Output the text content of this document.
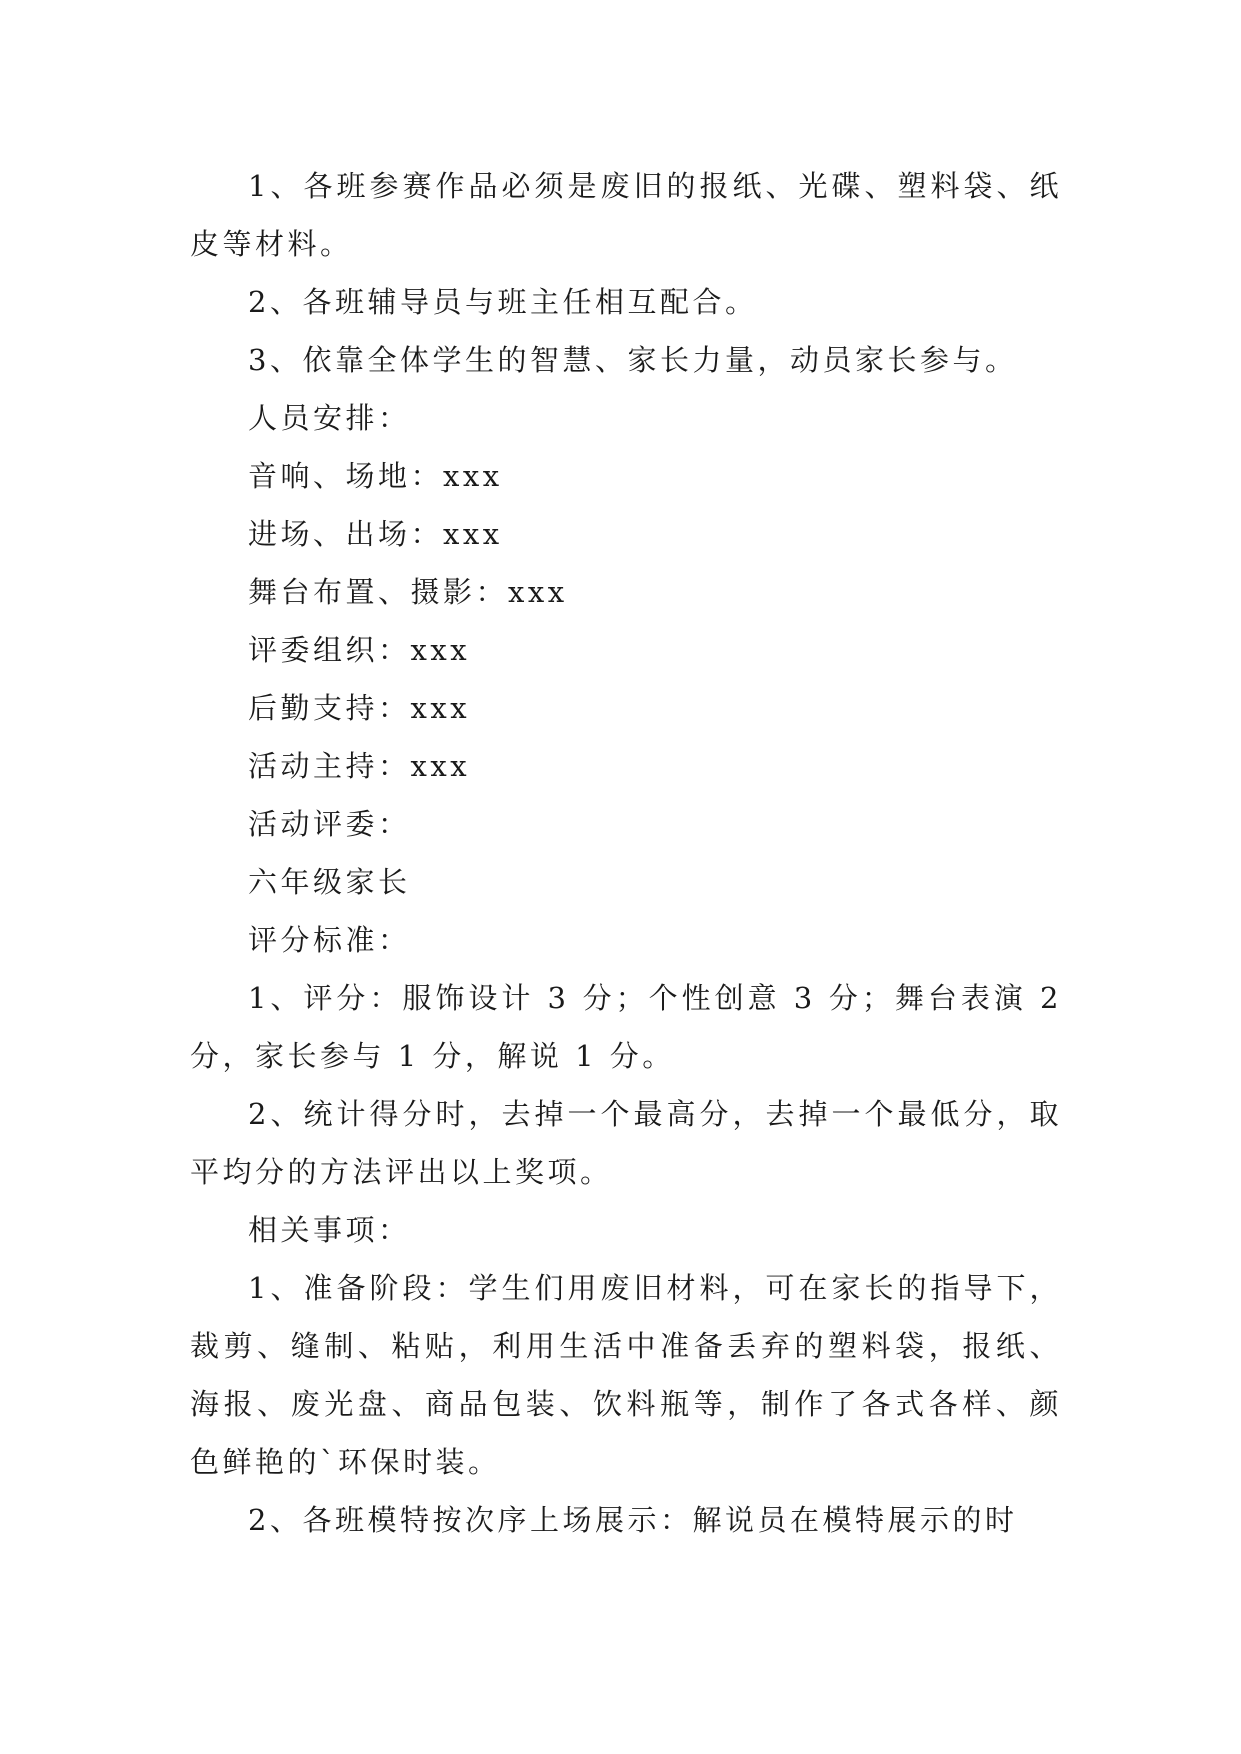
1、各班参赛作品必须是废旧的报纸、光碟、塑料袋、纸皮等材料。

2、各班辅导员与班主任相互配合。

3、依靠全体学生的智慧、家长力量，动员家长参与。

人员安排：

音响、场地：xxx

进场、出场：xxx

舞台布置、摄影：xxx

评委组织：xxx

后勤支持：xxx

活动主持：xxx

活动评委：

六年级家长

评分标准：

1、评分：服饰设计 3 分；个性创意 3 分；舞台表演 2 分，家长参与 1 分，解说 1 分。

2、统计得分时，去掉一个最高分，去掉一个最低分，取平均分的方法评出以上奖项。

相关事项：

1、准备阶段：学生们用废旧材料，可在家长的指导下，裁剪、缝制、粘贴，利用生活中准备丢弃的塑料袋，报纸、海报、废光盘、商品包装、饮料瓶等，制作了各式各样、颜色鲜艳的`环保时装。

2、各班模特按次序上场展示：解说员在模特展示的时
